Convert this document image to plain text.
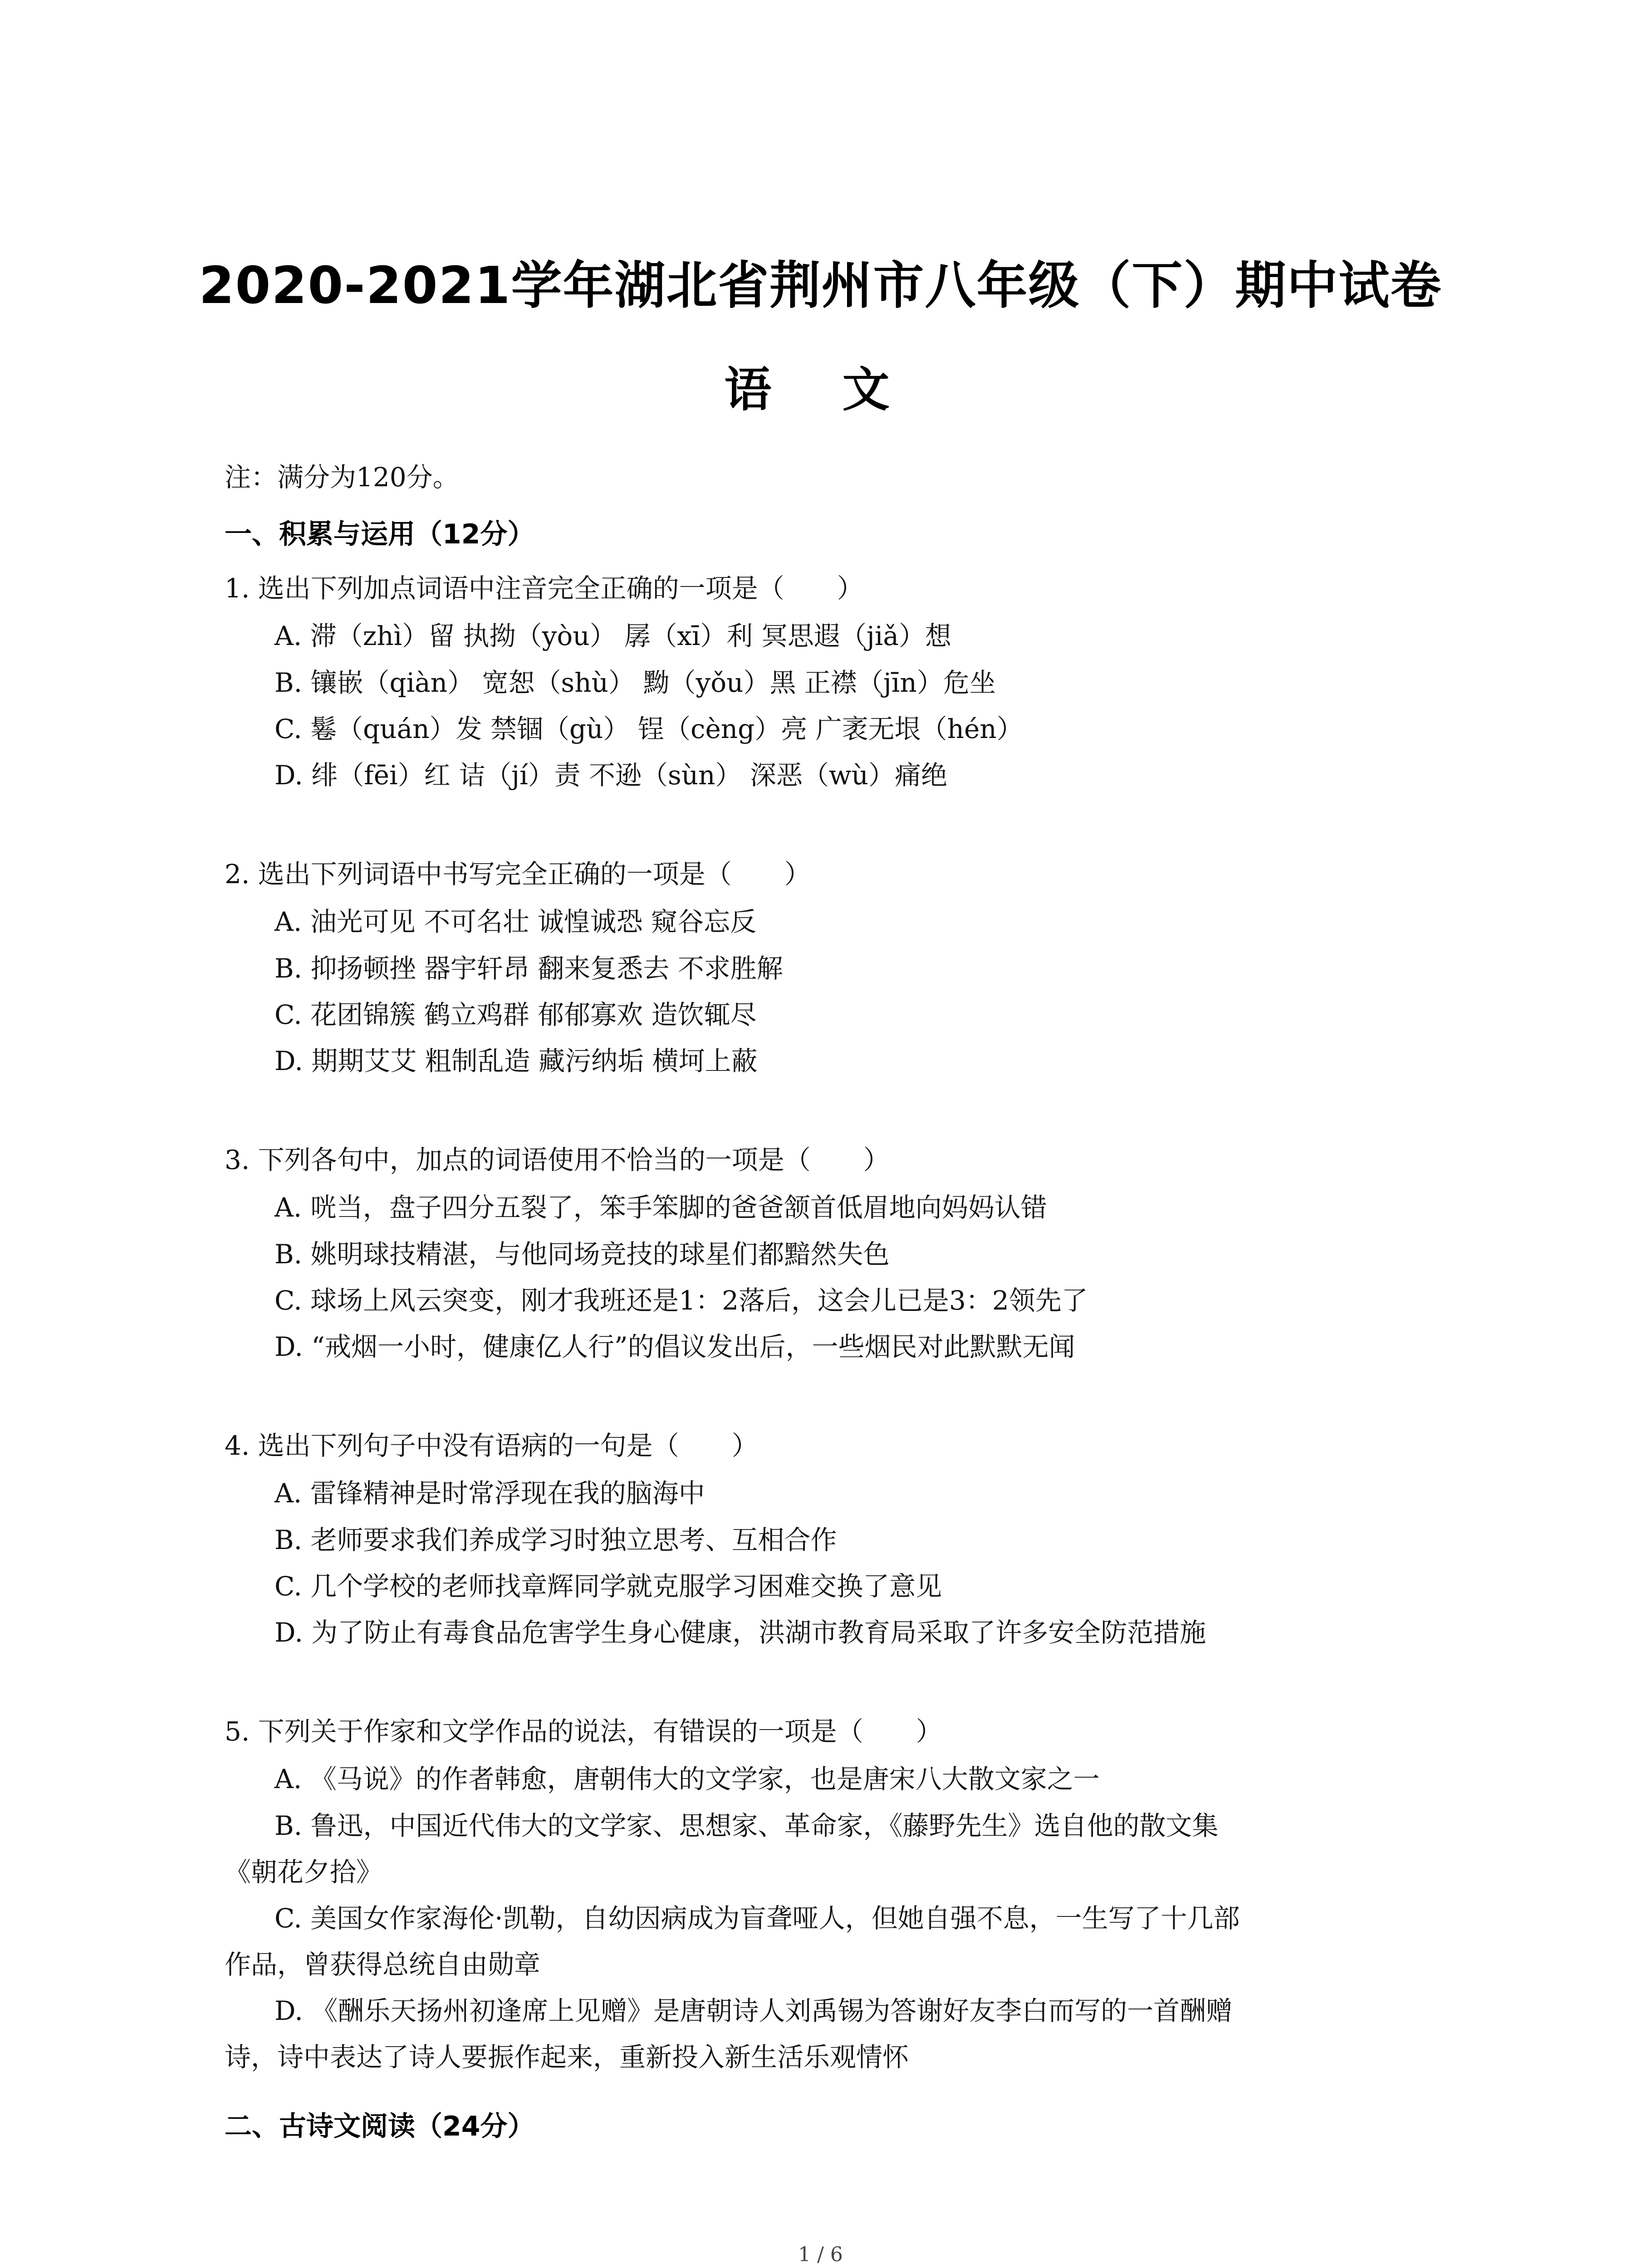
2020-2021学年湖北省荆州市八年级（下）期中试卷
语 文
注：满分为120分。
一、积累与运用（12分）
1. 选出下列加点词语中注音完全正确的一项是（　　）
A. 滞（zhì）留 执拗（yòu） 孱（xī）利 冥思遐（jiǎ）想
B. 镶嵌（qiàn） 宽恕（shù） 黝（yǒu）黑 正襟（jīn）危坐
C. 鬈（quán）发 禁锢（gù） 锃（cèng）亮 广袤无垠（hén）
D. 绯（fēi）红 诘（jí）责 不逊（sùn） 深恶（wù）痛绝
2. 选出下列词语中书写完全正确的一项是（　　）
A. 油光可见 不可名壮 诚惶诚恐 窥谷忘反
B. 抑扬顿挫 器宇轩昂 翻来复悉去 不求胜解
C. 花团锦簇 鹤立鸡群 郁郁寡欢 造饮辄尽
D. 期期艾艾 粗制乱造 藏污纳垢 横坷上蔽
3. 下列各句中，加点的词语使用不恰当的一项是（　　）
A. 咣当，盘子四分五裂了，笨手笨脚的爸爸颔首低眉地向妈妈认错
B. 姚明球技精湛，与他同场竞技的球星们都黯然失色
C. 球场上风云突变，刚才我班还是1：2落后，这会儿已是3：2领先了
D. “戒烟一小时，健康亿人行”的倡议发出后，一些烟民对此默默无闻
4. 选出下列句子中没有语病的一句是（　　）
A. 雷锋精神是时常浮现在我的脑海中
B. 老师要求我们养成学习时独立思考、互相合作
C. 几个学校的老师找章辉同学就克服学习困难交换了意见
D. 为了防止有毒食品危害学生身心健康，洪湖市教育局采取了许多安全防范措施
5. 下列关于作家和文学作品的说法，有错误的一项是（　　）
A. 《马说》的作者韩愈，唐朝伟大的文学家，也是唐宋八大散文家之一
B. 鲁迅，中国近代伟大的文学家、思想家、革命家，《藤野先生》选自他的散文集
《朝花夕拾》
C. 美国女作家海伦·凯勒，自幼因病成为盲聋哑人，但她自强不息，一生写了十几部
作品，曾获得总统自由勋章
D. 《酬乐天扬州初逢席上见赠》是唐朝诗人刘禹锡为答谢好友李白而写的一首酬赠
诗，诗中表达了诗人要振作起来，重新投入新生活乐观情怀
二、古诗文阅读（24分）
1 / 6
